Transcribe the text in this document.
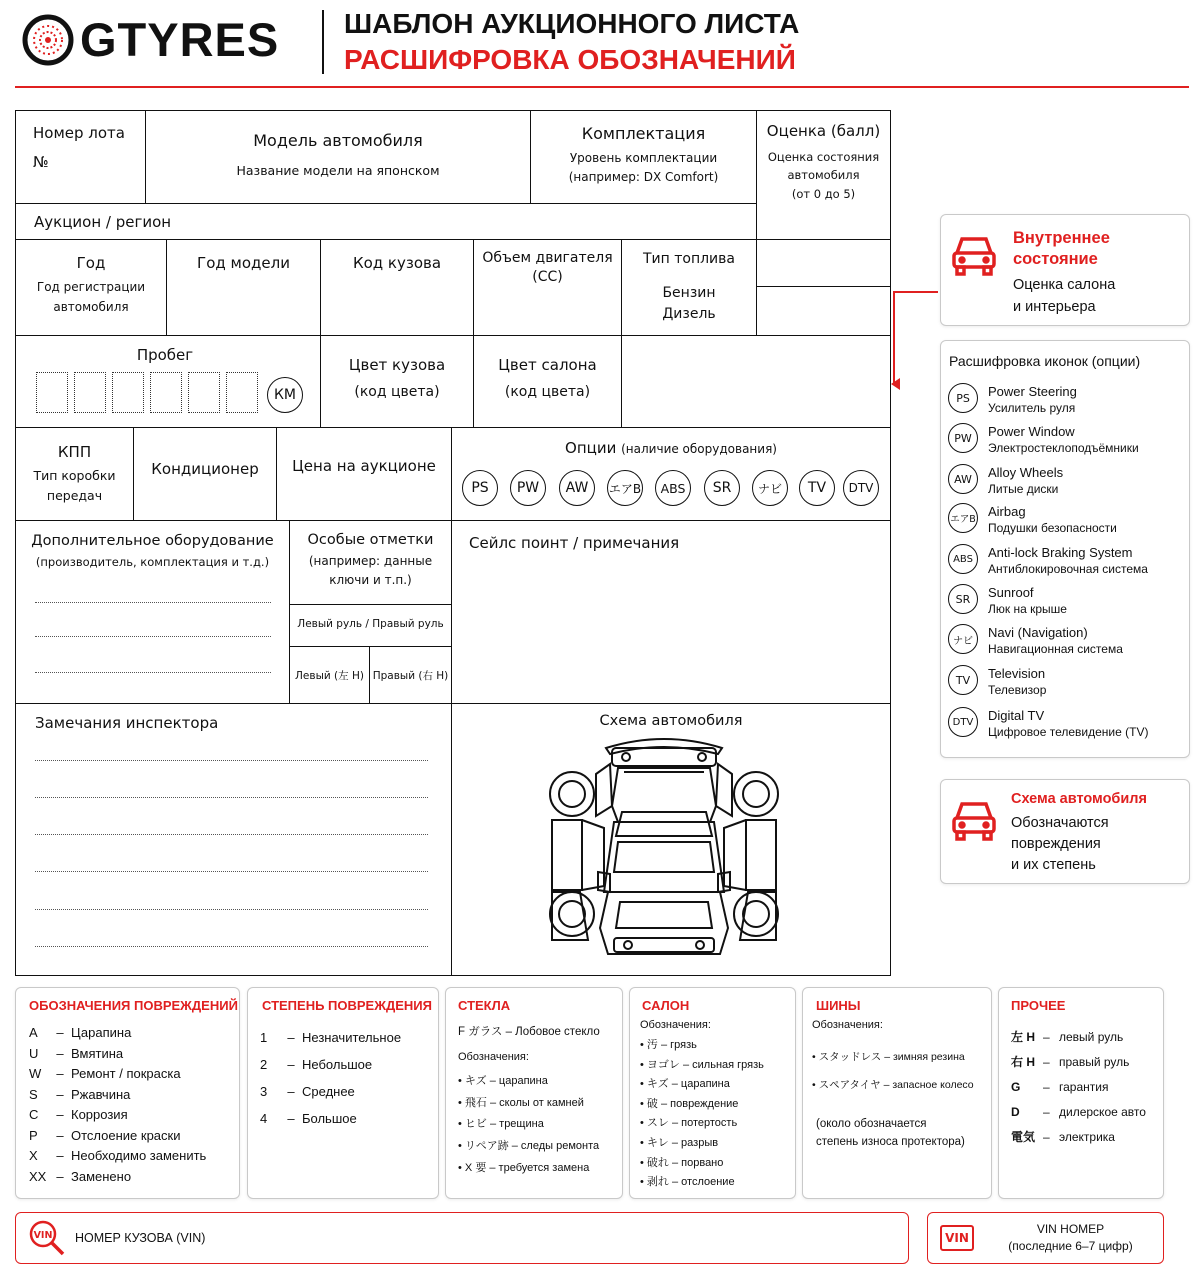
GTYRES ШАБЛОН АУКЦИОННОГО ЛИСТА
РАСШИФРОВКА ОБОЗНАЧЕНИЙ
Номер лота
№
Модель автомобиля
Название модели на японском
Комплектация
Уровень комплектации
(например: DX Comfort)
Оценка (балл)
Оценка состояния
автомобиля
(от 0 до 5)
Аукцион / регион
Год
Год регистрации
автомобиля
Год модели	Код кузова	Объем двигателя
(СС)
Тип топлива
Бензин
Дизель
Пробег
КМ
Цвет кузова
(код цвета)
Цвет салона
(код цвета)
КПП
Тип коробки
передач
Кондиционер	Цена на аукционе
Опции (наличие оборудования)
PS	PW	AW	エアB	ABS	SR	ナビ	TV	DTV
Дополнительное оборудование
(производитель, комплектация и т.д.)
Особые отметки
(например: данные
ключи и т.п.)
Левый руль / Правый руль
Левый (左 H) Правый (右 H)
Сейлс поинт / примечания
Замечания инспектора	Схема автомобиля
Внутреннее
состояние
Оценка салона
и интерьера
Расшифровка иконок (опции)
PS	Power Steering
Усилитель руля
PW	Power Window
Электростеклоподъёмники
AW	Alloy Wheels
Литые диски
エアB
Airbag
Подушки безопасности
ABS	Anti-lock Braking System
Антиблокировочная система
SR	Sunroof
Люк на крыше
ナビ
Navi (Navigation)
Навигационная система
TV	Television
Телевизор
DTV	Digital TV
Цифровое телевидение (TV)
Схема автомобиля
Обозначаются
повреждения
и их степень
ОБОЗНАЧЕНИЯ ПОВРЕЖДЕНИЙ
A	– Царапина
U	– Вмятина
W	– Ремонт / покраска
S	– Ржавчина
C	– Коррозия
P	– Отслоение краски
X	– Необходимо заменить
XX – Заменено
СТЕПЕНЬ ПОВРЕЖДЕНИЯ
1	– Незначительное
2	– Небольшое
3	– Среднее
4	– Большое
СТЕКЛА
F ガラス – Лобовое стекло
Обозначения:
• キズ – царапина
• 飛石 – сколы от камней
• ヒビ – трещина
• リペア跡 – следы ремонта
• X 要 – требуется замена
САЛОН
Обозначения:
• 汚 – грязь
• ヨゴレ – сильная грязь
• キズ – царапина
• 破 – повреждение
• スレ – потертость
• キレ – разрыв
• 破れ – порвано
• 剥れ – отслоение
ШИНЫ
Обозначения:
• スタッドレス – зимняя резина
• スペアタイヤ – запасное колесо
(около обозначается
степень износа протектора)
ПРОЧЕЕ
左 H – левый руль
右 H – правый руль
G	– гарантия
D	– дилерское авто
電気 – электрика
VIN НОМЕР КУЗОВА (VIN)	VIN
VIN НОМЕР
(последние 6–7 цифр)
